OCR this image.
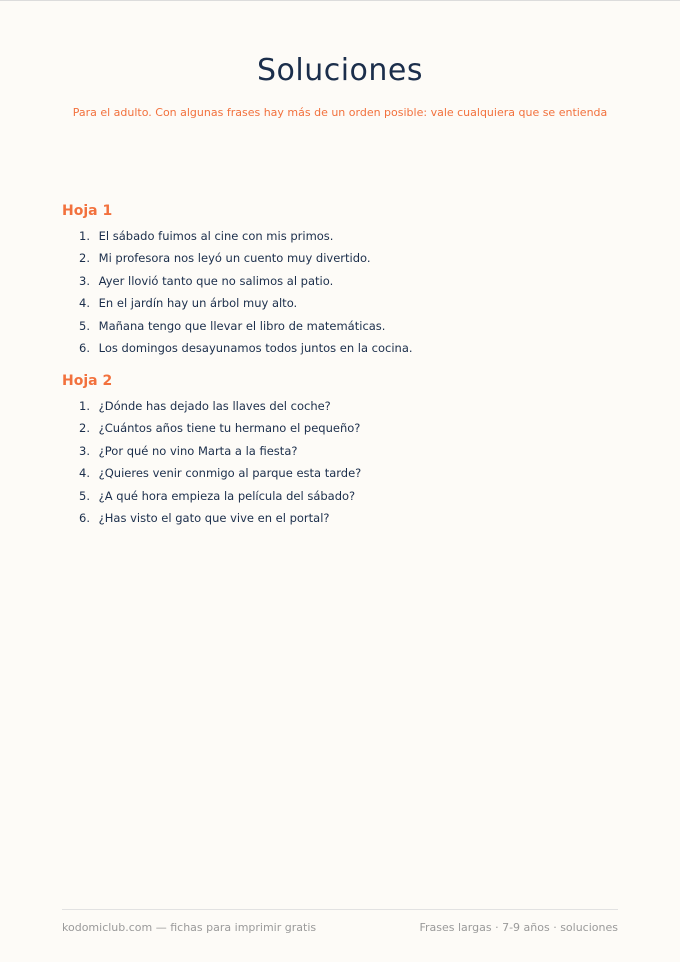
Soluciones

Para el adulto. Con algunas frases hay más de un orden posible: vale cualquiera que se entienda

Hoja 1
1. El sábado fuimos al cine con mis primos.
2. Mi profesora nos leyó un cuento muy divertido.
3. Ayer llovió tanto que no salimos al patio.
4. En el jardín hay un árbol muy alto.
5. Mañana tengo que llevar el libro de matemáticas.
6. Los domingos desayunamos todos juntos en la cocina.
Hoja 2
1. ¿Dónde has dejado las llaves del coche?
2. ¿Cuántos años tiene tu hermano el pequeño?
3. ¿Por qué no vino Marta a la fiesta?
4. ¿Quieres venir conmigo al parque esta tarde?
5. ¿A qué hora empieza la película del sábado?
6. ¿Has visto el gato que vive en el portal?
kodomiclub.com — fichas para imprimir gratis	Frases largas · 7-9 años · soluciones
